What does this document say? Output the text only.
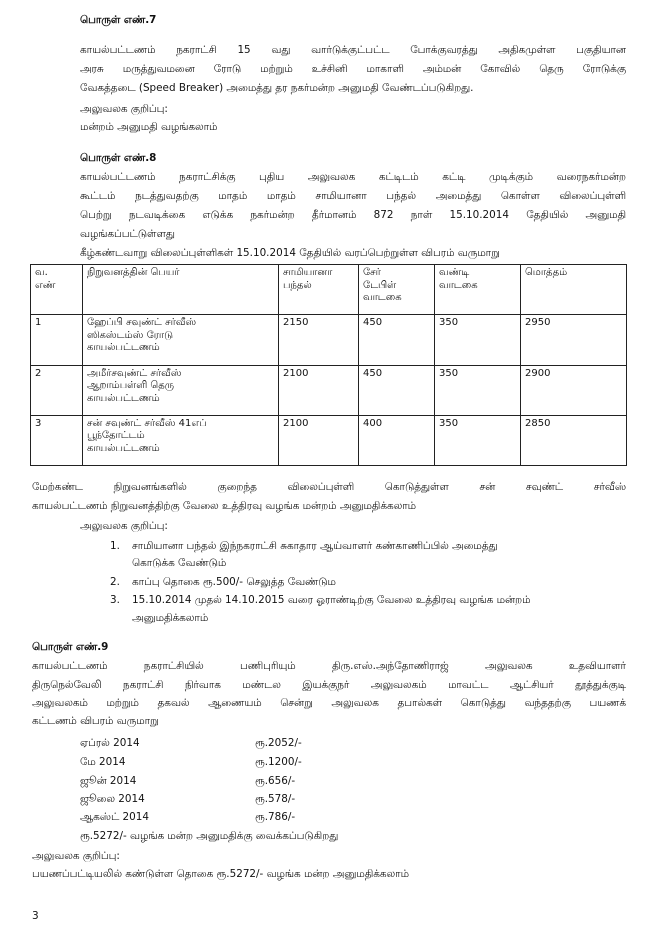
பொருள் எண்.7
காயல்பட்டணம் நகராட்சி 15 வது வார்டுக்குட்பட்ட போக்குவரத்து அதிகமுள்ள பகுதியான
அரசு மருத்துவமனை ரோடு மற்றும் உச்சினி மாகாளி அம்மன் கோவில் தெரு ரோடுக்கு
வேகத்தடை (Speed Breaker) அமைத்து தர நகர்மன்ற அனுமதி வேண்டப்படுகிறது.
அலுவலக குறிப்பு:
மன்றம் அனுமதி வழங்கலாம்
பொருள் எண்.8
காயல்பட்டணம் நகராட்சிக்கு புதிய அலுவலக கட்டிடம் கட்டி முடிக்கும் வரைநகர்மன்ற
கூட்டம் நடத்துவதற்கு மாதம் மாதம் சாமியானா பந்தல் அமைத்து கொள்ள விலைப்புள்ளி
பெற்று நடவடிக்கை எடுக்க நகர்மன்ற தீர்மானம் 872 நாள் 15.10.2014 தேதியில் அனுமதி
வழங்கப்பட்டுள்ளது
கீழ்கண்டவாறு விலைப்புள்ளிகள் 15.10.2014 தேதியில் வரப்பெற்றுள்ள விபரம் வருமாறு
வ.
எண்	நிறுவனத்தின் பெயர்	சாமியானா
பந்தல்	சேர்
டேபிள்
வாடகை	வண்டி
வாடகை	மொத்தம்
1	ஹேப்பி சவுண்ட் சர்வீஸ்
ஸிகஸ்டம்ஸ் ரோடு
காயல்பட்டணம்	2150	450	350	2950
2	அமீர்சவுண்ட் சர்வீஸ்
ஆறாம்பள்ளி தெரு
காயல்பட்டணம்	2100	450	350	2900
3	சன் சவுண்ட் சர்வீஸ் 41எப்
பூந்தோட்டம்
காயல்பட்டணம்	2100	400	350	2850
மேற்கண்ட நிறுவனங்களில் குறைந்த விலைப்புள்ளி கொடுத்துள்ள சன் சவுண்ட் சர்வீஸ்
காயல்பட்டணம் நிறுவனத்திற்கு வேலை உத்திரவு வழங்க மன்றம் அனுமதிக்கலாம்
அலுவலக குறிப்பு:
1. சாமியானா பந்தல் இந்நகராட்சி சுகாதார ஆய்வாளர் கண்காணிப்பில் அமைத்து
கொடுக்க வேண்டும்
2. காப்பு தொகை ரூ.500/- செலுத்த வேண்டும
3. 15.10.2014 முதல் 14.10.2015 வரை ஓராண்டிற்கு வேலை உத்திரவு வழங்க மன்றம்
அனுமதிக்கலாம்
பொருள் எண்.9
காயல்பட்டணம் நகராட்சியில் பணிபுரியும் திரு.எஸ்.அந்தோணிராஜ் அலுவலக உதவியாளர்
திருநெல்வேலி நகராட்சி நிர்வாக மண்டல இயக்குநர் அலுவலகம் மாவட்ட ஆட்சியர் தூத்துக்குடி
அலுவலகம் மற்றும் தகவல் ஆணையம் சென்று அலுவலக தபால்கள் கொடுத்து வந்ததற்கு பயணக்
கட்டணம் விபரம் வருமாறு
ஏப்ரல் 2014	ரூ.2052/-
மே 2014	ரூ.1200/-
ஜூன் 2014	ரூ.656/-
ஜூலை 2014	ரூ.578/-
ஆகஸ்ட் 2014	ரூ.786/-
ரூ.5272/- வழங்க மன்ற அனுமதிக்கு வைக்கப்படுகிறது
அலுவலக குறிப்பு:
பயணப்பட்டியலில் கண்டுள்ள தொகை ரூ.5272/- வழங்க மன்ற அனுமதிக்கலாம்
3
